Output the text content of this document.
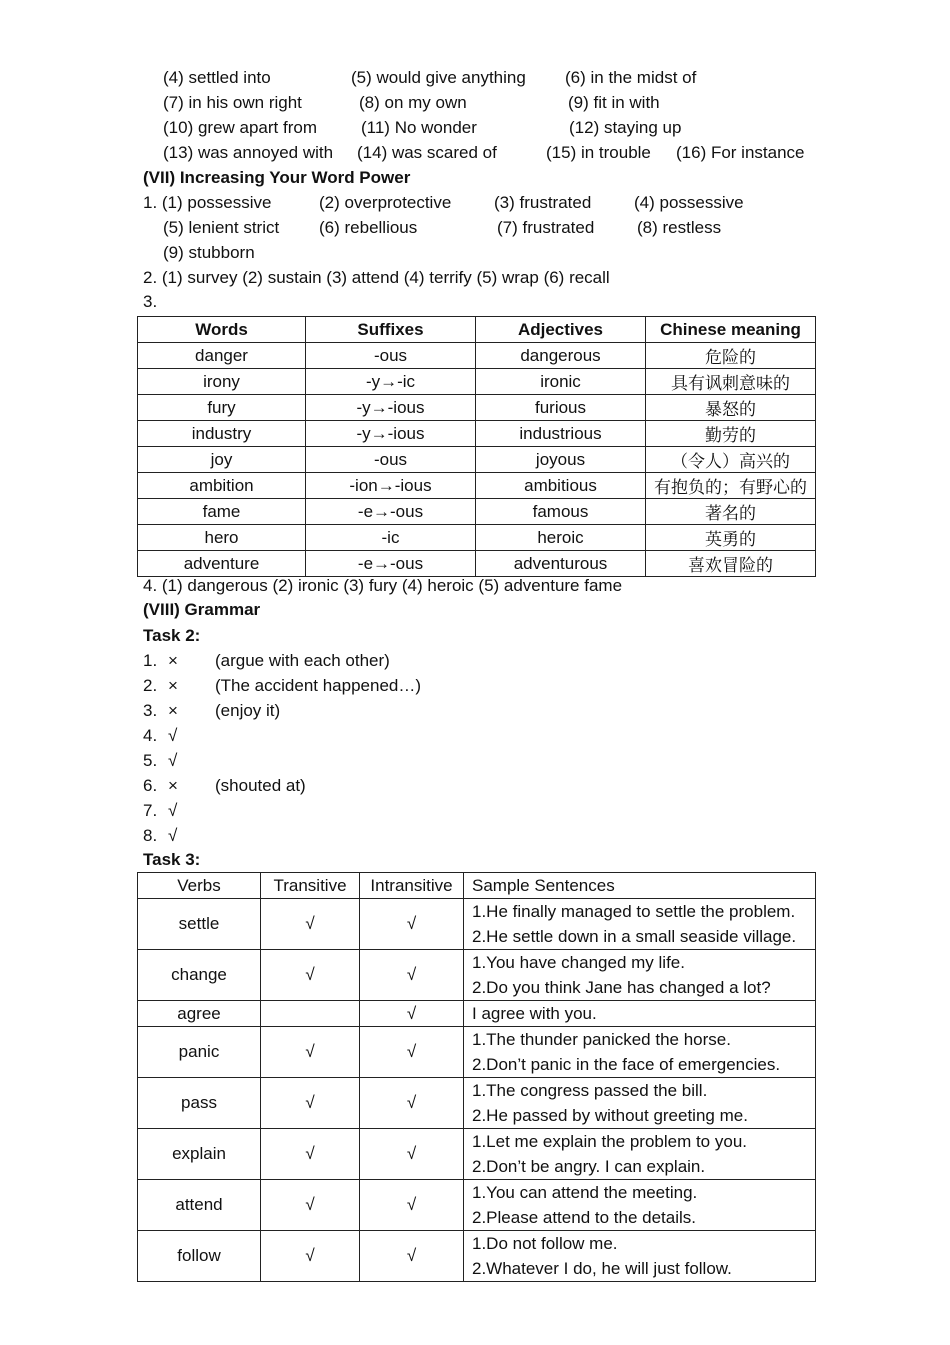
(4) settled into	(5) would give anything (6) in the midst of
(7) in his own right	(8) on my own	(9) fit in with
(10) grew apart from	(11) No wonder	(12) staying up
(13) was annoyed with (14) was scared of	(15) in trouble (16) For instance
(VII) Increasing Your Word Power
1. (1) possessive	(2) overprotective	(3) frustrated	(4) possessive
(5) lenient strict (6) rebellious	(7) frustrated	(8) restless
(9) stubborn
2. (1) survey (2) sustain (3) attend (4) terrify (5) wrap (6) recall
3.
Words	Suffixes	Adjectives	Chinese meaning
danger	-ous	dangerous	危险的
irony	-y→-ic	ironic	具有讽刺意味的
fury	-y→-ious	furious	暴怒的
industry	-y→-ious	industrious	勤劳的
joy	-ous	joyous	（令人）高兴的
ambition	-ion→-ious	ambitious	有抱负的；有野心的
fame	-e→-ous	famous	著名的
hero	-ic	heroic	英勇的
adventure	-e→-ous	adventurous	喜欢冒险的
4. (1) dangerous (2) ironic (3) fury (4) heroic (5) adventure fame
(VIII) Grammar
Task 2:
1. × (argue with each other)
2. × (The accident happened…)
3. × (enjoy it)
4. √
5. √
6. × (shouted at)
7. √
8. √
Task 3:
Verbs	Transitive	Intransitive	Sample Sentences
settle	√	√	1.He finally managed to settle the problem.
2.He settle down in a small seaside village.

change	√	√	1.You have changed my life.
2.Do you think Jane has changed a lot?

agree		√	I agree with you.

panic	√	√	1.The thunder panicked the horse.
2.Don’t panic in the face of emergencies.

pass	√	√	1.The congress passed the bill.
2.He passed by without greeting me.

explain	√	√	1.Let me explain the problem to you.
2.Don’t be angry. I can explain.

attend	√	√	1.You can attend the meeting.
2.Please attend to the details.

follow	√	√	1.Do not follow me.
2.Whatever I do, he will just follow.
